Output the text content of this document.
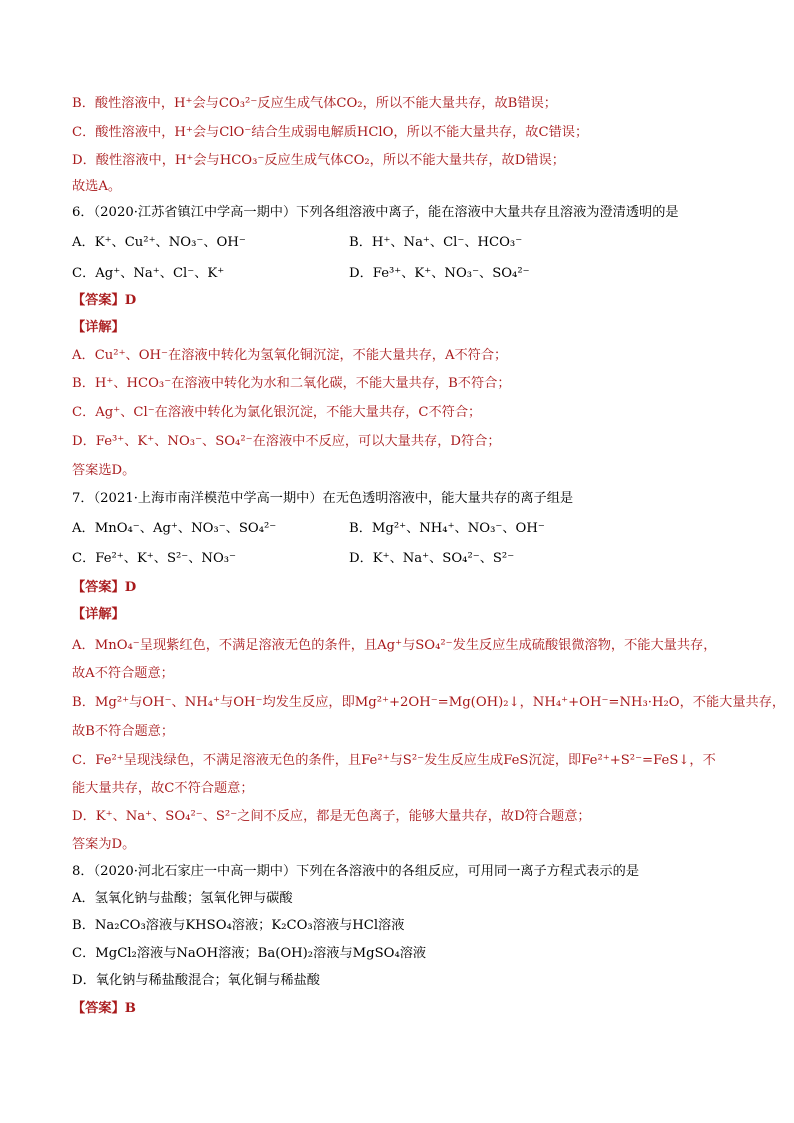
B．酸性溶液中，H⁺会与CO₃²⁻反应生成气体CO₂，所以不能大量共存，故B错误；
C．酸性溶液中，H⁺会与ClO⁻结合生成弱电解质HClO，所以不能大量共存，故C错误；
D．酸性溶液中，H⁺会与HCO₃⁻反应生成气体CO₂，所以不能大量共存，故D错误；
故选A。
6．（2020·江苏省镇江中学高一期中）下列各组溶液中离子，能在溶液中大量共存且溶液为澄清透明的是
A．K⁺、Cu²⁺、NO₃⁻、OH⁻	B．H⁺、Na⁺、Cl⁻、HCO₃⁻
C．Ag⁺、Na⁺、Cl⁻、K⁺	D．Fe³⁺、K⁺、NO₃⁻、SO₄²⁻
【答案】D
【详解】
A．Cu²⁺、OH⁻在溶液中转化为氢氧化铜沉淀，不能大量共存，A不符合；
B．H⁺、HCO₃⁻在溶液中转化为水和二氧化碳，不能大量共存，B不符合；
C．Ag⁺、Cl⁻在溶液中转化为氯化银沉淀，不能大量共存，C不符合；
D．Fe³⁺、K⁺、NO₃⁻、SO₄²⁻在溶液中不反应，可以大量共存，D符合；
答案选D。
7．（2021·上海市南洋模范中学高一期中）在无色透明溶液中，能大量共存的离子组是
A．MnO₄⁻、Ag⁺、NO₃⁻、SO₄²⁻	B．Mg²⁺、NH₄⁺、NO₃⁻、OH⁻
C．Fe²⁺、K⁺、S²⁻、NO₃⁻	D．K⁺、Na⁺、SO₄²⁻、S²⁻
【答案】D
【详解】
A．MnO₄⁻呈现紫红色，不满足溶液无色的条件，且Ag⁺与SO₄²⁻发生反应生成硫酸银微溶物，不能大量共存，
故A不符合题意；
B．Mg²⁺与OH⁻、NH₄⁺与OH⁻均发生反应，即Mg²⁺+2OH⁻=Mg(OH)₂↓，NH₄⁺+OH⁻=NH₃·H₂O，不能大量共存，
故B不符合题意；
C．Fe²⁺呈现浅绿色，不满足溶液无色的条件，且Fe²⁺与S²⁻发生反应生成FeS沉淀，即Fe²⁺+S²⁻=FeS↓，不
能大量共存，故C不符合题意；
D．K⁺、Na⁺、SO₄²⁻、S²⁻之间不反应，都是无色离子，能够大量共存，故D符合题意；
答案为D。
8．（2020·河北石家庄一中高一期中）下列在各溶液中的各组反应，可用同一离子方程式表示的是
A．氢氧化钠与盐酸；氢氧化钾与碳酸
B．Na₂CO₃溶液与KHSO₄溶液；K₂CO₃溶液与HCl溶液
C．MgCl₂溶液与NaOH溶液；Ba(OH)₂溶液与MgSO₄溶液
D．氧化钠与稀盐酸混合；氧化铜与稀盐酸
【答案】B
